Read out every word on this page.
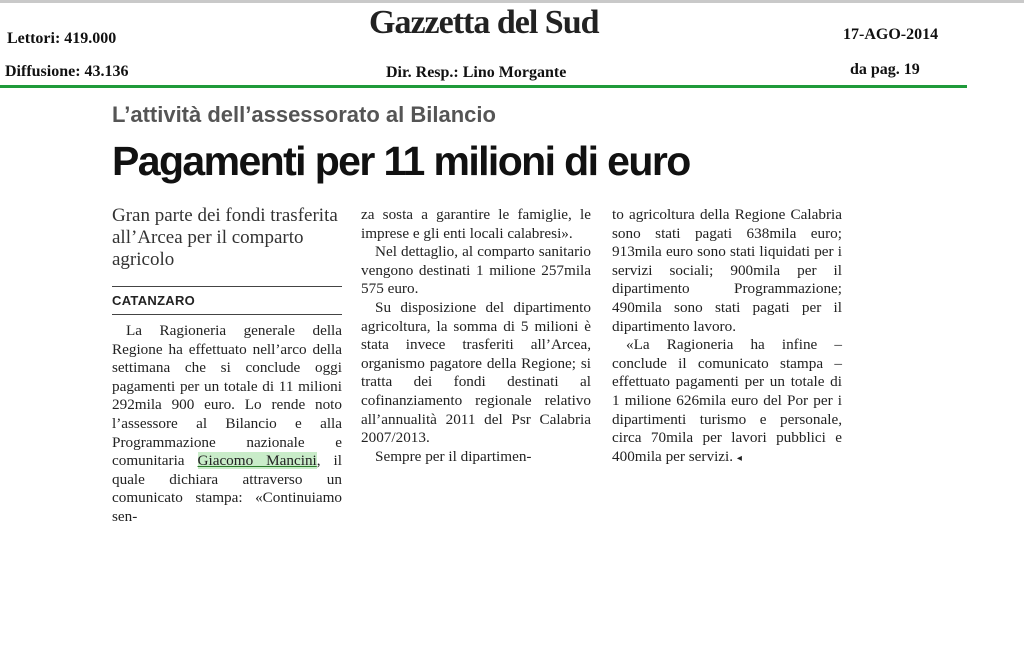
Lettori: 419.000
Diffusione: 43.136
Gazzetta del Sud
Dir. Resp.: Lino Morgante
17-AGO-2014
da pag. 19
L’attività dell’assessorato al Bilancio
Pagamenti per 11 milioni di euro
Gran parte dei fondi trasferita all’Arcea per il comparto agricolo
CATANZARO

La Ragioneria generale della Regione ha effettuato nell’arco della settimana che si conclude oggi pagamenti per un totale di 11 milioni 292mila 900 euro. Lo rende noto l’assessore al Bilancio e alla Programmazione nazionale e comunitaria Giacomo Mancini, il quale dichiara attraverso un comunicato stampa: «Continuiamo sen-

za sosta a garantire le famiglie, le imprese e gli enti locali calabresi».

Nel dettaglio, al comparto sanitario vengono destinati 1 milione 257mila 575 euro.

Su disposizione del dipartimento agricoltura, la somma di 5 milioni è stata invece trasferiti all’Arcea, organismo pagatore della Regione; si tratta dei fondi destinati al cofinanziamento regionale relativo all’annualità 2011 del Psr Calabria 2007/2013.

Sempre per il dipartimen-

to agricoltura della Regione Calabria sono stati pagati 638mila euro; 913mila euro sono stati liquidati per i servizi sociali; 900mila per il dipartimento Programmazione; 490mila sono stati pagati per il dipartimento lavoro.

«La Ragioneria ha infine – conclude il comunicato stampa – effettuato pagamenti per un totale di 1 milione 626mila euro del Por per i dipartimenti turismo e personale, circa 70mila per lavori pubblici e 400mila per servizi. ◂
